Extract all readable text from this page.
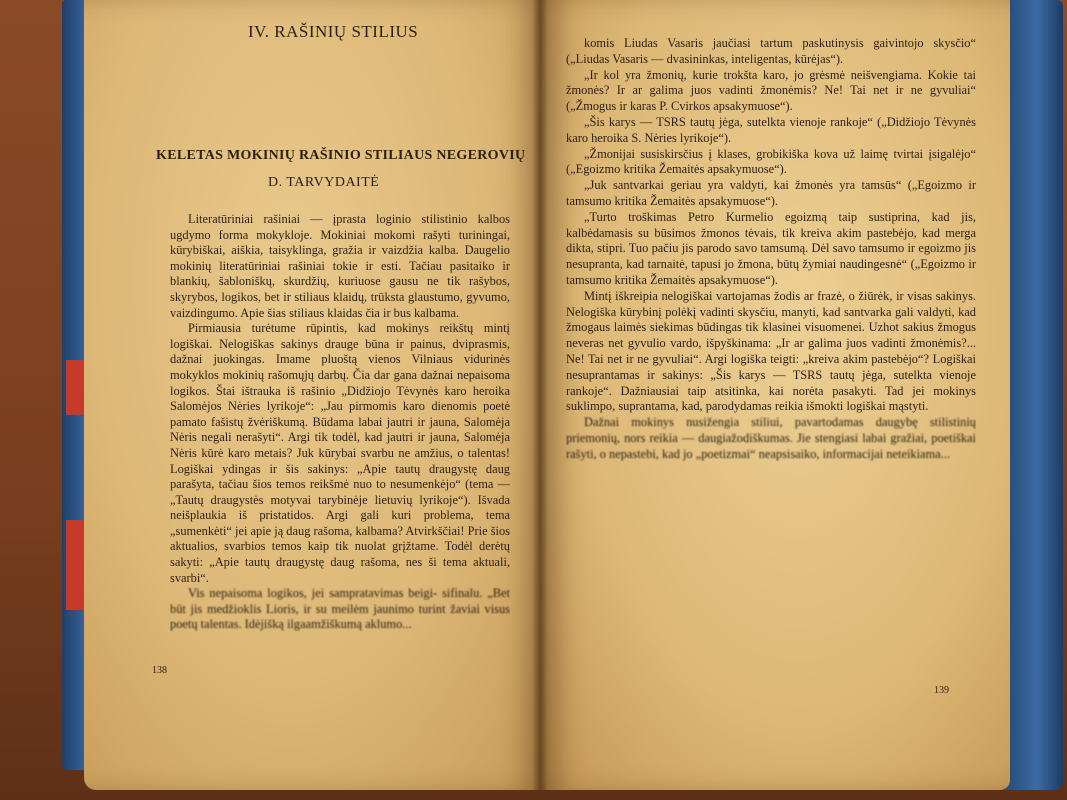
IV. RAŠINIŲ STILIUS
KELETAS MOKINIŲ RAŠINIO STILIAUS NEGEROVIŲ
D. TARVYDAITĖ

Literatūriniai rašiniai — įprasta loginio stilistinio kalbos ugdymo forma mokykloje. Mokiniai mokomi rašyti turiningai, kūrybiškai, aiškia, taisyklinga, gražia ir vaizdžia kalba. Daugelio mokinių literatūriniai rašiniai tokie ir esti. Tačiau pasitaiko ir blankių, šabloniškų, skurdžių, kuriuose gausu ne tik rašybos, skyrybos, logikos, bet ir stiliaus klaidų, trūksta glaustumo, gyvumo, vaizdingumo. Apie šias stiliaus klaidas čia ir bus kalbama.

Pirmiausia turėtume rūpintis, kad mokinys reikštų mintį logiškai. Nelogiškas sakinys drauge būna ir painus, dviprasmis, dažnai juokingas. Imame pluoštą vienos Vilniaus vidurinės mokyklos mokinių rašomųjų darbų. Čia dar gana dažnai nepaisoma logikos. Štai ištrauka iš rašinio „Didžiojo Tėvynės karo heroika Salomėjos Nėries lyrikoje“: „Jau pirmomis karo dienomis poetė pamato fašistų žvėriškumą. Būdama labai jautri ir jauna, Salomėja Nėris negali nerašyti“. Argi tik todėl, kad jautri ir jauna, Salomėja Nėris kūrė karo metais? Juk kūrybai svarbu ne amžius, o talentas! Logiškai ydingas ir šis sakinys: „Apie tautų draugystę daug parašyta, tačiau šios temos reikšmė nuo to nesumenkėjo“ (tema — „Tautų draugystės motyvai tarybinėje lietuvių lyrikoje“). Išvada neišplaukia iš pristatidos. Argi gali kuri problema, tema „sumenkėti“ jei apie ją daug rašoma, kalbama? Atvirkščiai! Prie šios aktualios, svarbios temos kaip tik nuolat grįžtame. Todėl derėtų sakyti: „Apie tautų draugystę daug rašoma, nes ši tema aktuali, svarbi“.

Vis nepaisoma logikos, jei sampratavimas beigi- sifinalu. „Bet būt jis medžioklis Lioris, ir su meilėm jaunimo turint žaviai visus poetų talentas. Idėjišką ilgaamžiškumą aklumo...

138

komis Liudas Vasaris jaučiasi tartum paskutinysis gaivintojo skysčio“ („Liudas Vasaris — dvasininkas, inteligentas, kūrėjas“).

„Ir kol yra žmonių, kurie trokšta karo, jo grėsmė neišvengiama. Kokie tai žmonės? Ir ar galima juos vadinti žmonėmis? Ne! Tai net ir ne gyvuliai“ („Žmogus ir karas P. Cvirkos apsakymuose“).

„Šis karys — TSRS tautų jėga, sutelkta vienoje rankoje“ („Didžiojo Tėvynės karo heroika S. Nėries lyrikoje“).

„Žmonijai susiskirsčius į klases, grobikiška kova už laimę tvirtai įsigalėjo“ („Egoizmo kritika Žemaitės apsakymuose“).

„Juk santvarkai geriau yra valdyti, kai žmonės yra tamsūs“ („Egoizmo ir tamsumo kritika Žemaitės apsakymuose“).

„Turto troškimas Petro Kurmelio egoizmą taip sustiprina, kad jis, kalbėdamasis su būsimos žmonos tėvais, tik kreiva akim pastebėjo, kad merga dikta, stipri. Tuo pačiu jis parodo savo tamsumą. Dėl savo tamsumo ir egoizmo jis nesupranta, kad tarnaitė, tapusi jo žmona, būtų žymiai naudingesnė“ („Egoizmo ir tamsumo kritika Žemaitės apsakymuose“).

Mintį iškreipia nelogiškai vartojamas žodis ar frazė, o žiūrėk, ir visas sakinys. Nelogiška kūrybinį polėkį vadinti skysčiu, manyti, kad santvarka gali valdyti, kad žmogaus laimės siekimas būdingas tik klasinei visuomenei. Uzhot sakius žmogus neveras net gyvulio vardo, išpyškinama: „Ir ar galima juos vadinti žmonėmis?... Ne! Tai net ir ne gyvuliai“. Argi logiška teigti: „kreiva akim pastebėjo“? Logiškai nesuprantamas ir sakinys: „Šis karys — TSRS tautų jėga, sutelkta vienoje rankoje“. Dažniausiai taip atsitinka, kai norėta pasakyti. Tad jei mokinys suklimpo, suprantama, kad, parodydamas reikia išmokti logiškai mąstyti.

Dažnai mokinys nusižengia stiliui, pavartodamas daugybę stilistinių priemonių, nors reikia — daugiažodiškumas. Jie stengiasi labai gražiai, poetiškai rašyti, o nepastebi, kad jo „poetizmai“ neapsisaiko, informacijai neteikiama...

139
